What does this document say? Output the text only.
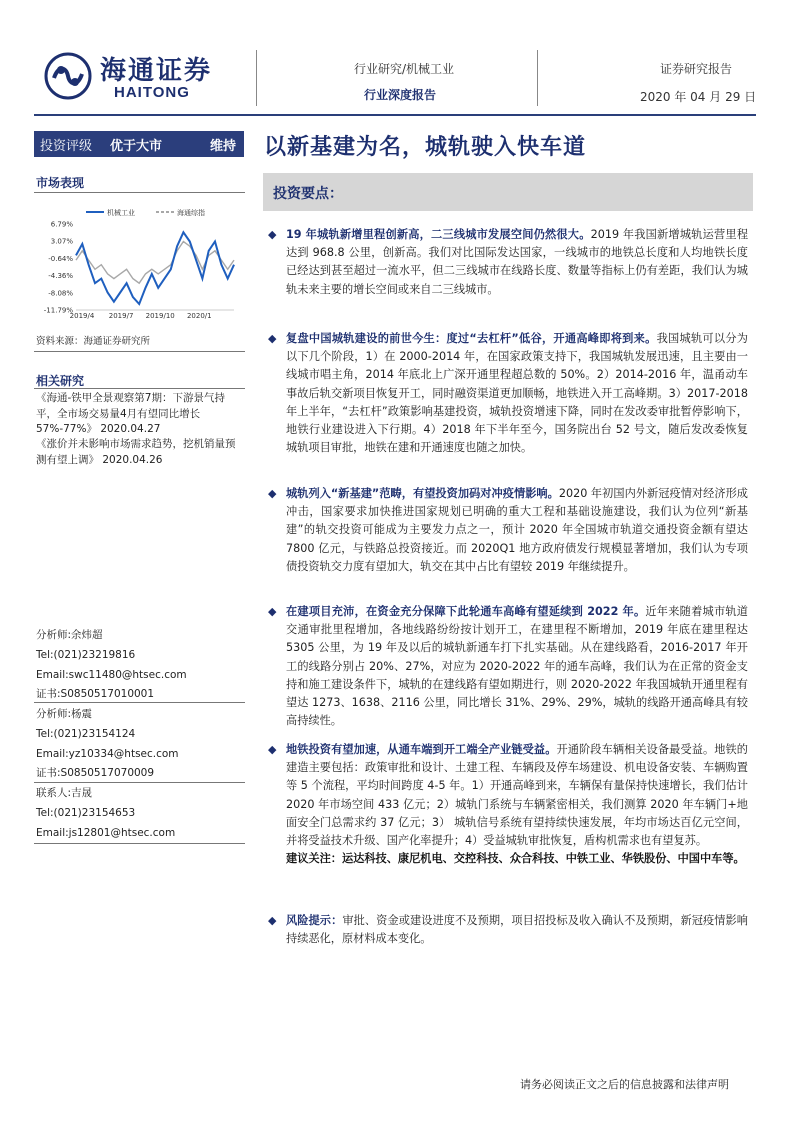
海通证券
HAITONG
行业研究/机械工业
行业深度报告
证券研究报告
2020 年 04 月 29 日
投资评级 优于大市	维持 以新基建为名，城轨驶入快车道
市场表现
机械工业	海通综指
6.79%
3.07%
-0.64%
-4.36%
-8.08%
-11.79%
2019/4 2019/7 2019/10 2020/1
资料来源：海通证券研究所
相关研究
《海通-铁甲全景观察第7期：下游景气持平，全市场交易量4月有望同比增长57%-77%》 2020.04.27
《涨价并未影响市场需求趋势，挖机销量预测有望上调》 2020.04.26
分析师:余炜超
Tel:(021)23219816
Email:swc11480@htsec.com
证书:S0850517010001
分析师:杨震
Tel:(021)23154124
Email:yz10334@htsec.com
证书:S0850517070009
联系人:吉晟
Tel:(021)23154653
Email:js12801@htsec.com
投资要点：
◆ 19 年城轨新增里程创新高，二三线城市发展空间仍然很大。2019 年我国新增城轨运营里程达到 968.8 公里，创新高。我们对比国际发达国家，一线城市的地铁总长度和人均地铁长度已经达到甚至超过一流水平，但二三线城市在线路长度、数量等指标上仍有差距，我们认为城轨未来主要的增长空间或来自二三线城市。
◆ 复盘中国城轨建设的前世今生：度过“去杠杆”低谷，开通高峰即将到来。我国城轨可以分为以下几个阶段，1）在 2000-2014 年，在国家政策支持下，我国城轨发展迅速，且主要由一线城市唱主角，2014 年底北上广深开通里程超总数的 50%。2）2014-2016 年，温甬动车事故后轨交新项目恢复开工，同时融资渠道更加顺畅，地铁进入开工高峰期。3）2017-2018 年上半年，“去杠杆”政策影响基建投资，城轨投资增速下降，同时在发改委审批暂停影响下，地铁行业建设进入下行期。4）2018 年下半年至今，国务院出台 52 号文，随后发改委恢复城轨项目审批，地铁在建和开通速度也随之加快。
◆ 城轨列入“新基建”范畴，有望投资加码对冲疫情影响。2020 年初国内外新冠疫情对经济形成冲击，国家要求加快推进国家规划已明确的重大工程和基础设施建设，我们认为位列“新基建”的轨交投资可能成为主要发力点之一，预计 2020 年全国城市轨道交通投资金额有望达 7800 亿元，与铁路总投资接近。而 2020Q1 地方政府债发行规模显著增加，我们认为专项债投资轨交力度有望加大，轨交在其中占比有望较 2019 年继续提升。
◆ 在建项目充沛，在资金充分保障下此轮通车高峰有望延续到 2022 年。近年来随着城市轨道交通审批里程增加，各地线路纷纷按计划开工，在建里程不断增加，2019 年底在建里程达 5305 公里，为 19 年及以后的城轨新通车打下扎实基础。从在建线路看，2016-2017 年开工的线路分别占 20%、27%，对应为 2020-2022 年的通车高峰，我们认为在正常的资金支持和施工建设条件下，城轨的在建线路有望如期进行，则 2020-2022 年我国城轨开通里程有望达 1273、1638、2116 公里，同比增长 31%、29%、29%，城轨的线路开通高峰具有较高持续性。
◆ 地铁投资有望加速，从通车端到开工端全产业链受益。开通阶段车辆相关设备最受益。地铁的建造主要包括：政策审批和设计、土建工程、车辆段及停车场建设、机电设备安装、车辆购置等 5 个流程，平均时间跨度 4-5 年。1）开通高峰到来，车辆保有量保持快速增长，我们估计 2020 年市场空间 433 亿元；2）城轨门系统与车辆紧密相关，我们测算 2020 年车辆门+地面安全门总需求约 37 亿元；3） 城轨信号系统有望持续快速发展，年均市场达百亿元空间，并将受益技术升级、国产化率提升；4）受益城轨审批恢复，盾构机需求也有望复苏。
建议关注：运达科技、康尼机电、交控科技、众合科技、中铁工业、华铁股份、中国中车等。
◆ 风险提示：审批、资金或建设进度不及预期，项目招投标及收入确认不及预期，新冠疫情影响持续恶化，原材料成本变化。
请务必阅读正文之后的信息披露和法律声明
